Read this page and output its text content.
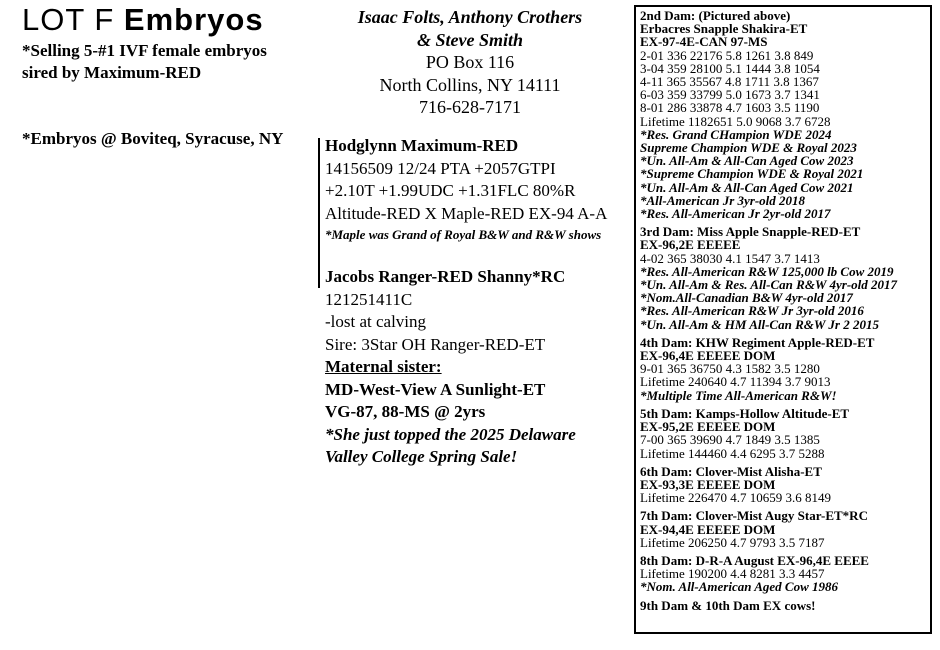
LOT F Embryos
*Selling 5-#1 IVF female embryos
sired by Maximum-RED
*Embryos @ Boviteq, Syracuse, NY
Isaac Folts, Anthony Crothers
& Steve Smith
PO Box 116
North Collins, NY 14111
716-628-7171
Hodglynn Maximum-RED
14156509 12/24 PTA +2057GTPI
+2.10T +1.99UDC +1.31FLC 80%R
Altitude-RED X Maple-RED EX-94 A-A
*Maple was Grand of Royal B&W and R&W shows
Jacobs Ranger-RED Shanny*RC
121251411C
-lost at calving
Sire: 3Star OH Ranger-RED-ET
Maternal sister:
MD-West-View A Sunlight-ET
VG-87, 88-MS @ 2yrs
*She just topped the 2025 Delaware
Valley College Spring Sale!
2nd Dam: (Pictured above)
Erbacres Snapple Shakira-ET
EX-97-4E-CAN 97-MS
2-01 336 22176 5.8 1261 3.8 849
3-04 359 28100 5.1 1444 3.8 1054
4-11 365 35567 4.8 1711 3.8 1367
6-03 359 33799 5.0 1673 3.7 1341
8-01 286 33878 4.7 1603 3.5 1190
Lifetime 1182651 5.0 9068 3.7 6728
*Res. Grand CHampion WDE 2024
Supreme Champion WDE & Royal 2023
*Un. All-Am & All-Can Aged Cow 2023
*Supreme Champion WDE & Royal 2021
*Un. All-Am & All-Can Aged Cow 2021
*All-American Jr 3yr-old 2018
*Res. All-American Jr 2yr-old 2017
3rd Dam: Miss Apple Snapple-RED-ET
EX-96,2E EEEEE
4-02 365 38030 4.1 1547 3.7 1413
*Res. All-American R&W 125,000 lb Cow 2019
*Un. All-Am & Res. All-Can R&W 4yr-old 2017
*Nom.All-Canadian B&W 4yr-old 2017
*Res. All-American R&W Jr 3yr-old 2016
*Un. All-Am & HM All-Can R&W Jr 2 2015
4th Dam: KHW Regiment Apple-RED-ET
EX-96,4E EEEEE DOM
9-01 365 36750 4.3 1582 3.5 1280
Lifetime 240640 4.7 11394 3.7 9013
*Multiple Time All-American R&W!
5th Dam: Kamps-Hollow Altitude-ET
EX-95,2E EEEEE DOM
7-00 365 39690 4.7 1849 3.5 1385
Lifetime 144460 4.4 6295 3.7 5288
6th Dam: Clover-Mist Alisha-ET
EX-93,3E EEEEE DOM
Lifetime 226470 4.7 10659 3.6 8149
7th Dam: Clover-Mist Augy Star-ET*RC
EX-94,4E EEEEE DOM
Lifetime 206250 4.7 9793 3.5 7187
8th Dam: D-R-A August EX-96,4E EEEE
Lifetime 190200 4.4 8281 3.3 4457
*Nom. All-American Aged Cow 1986
9th Dam & 10th Dam EX cows!
